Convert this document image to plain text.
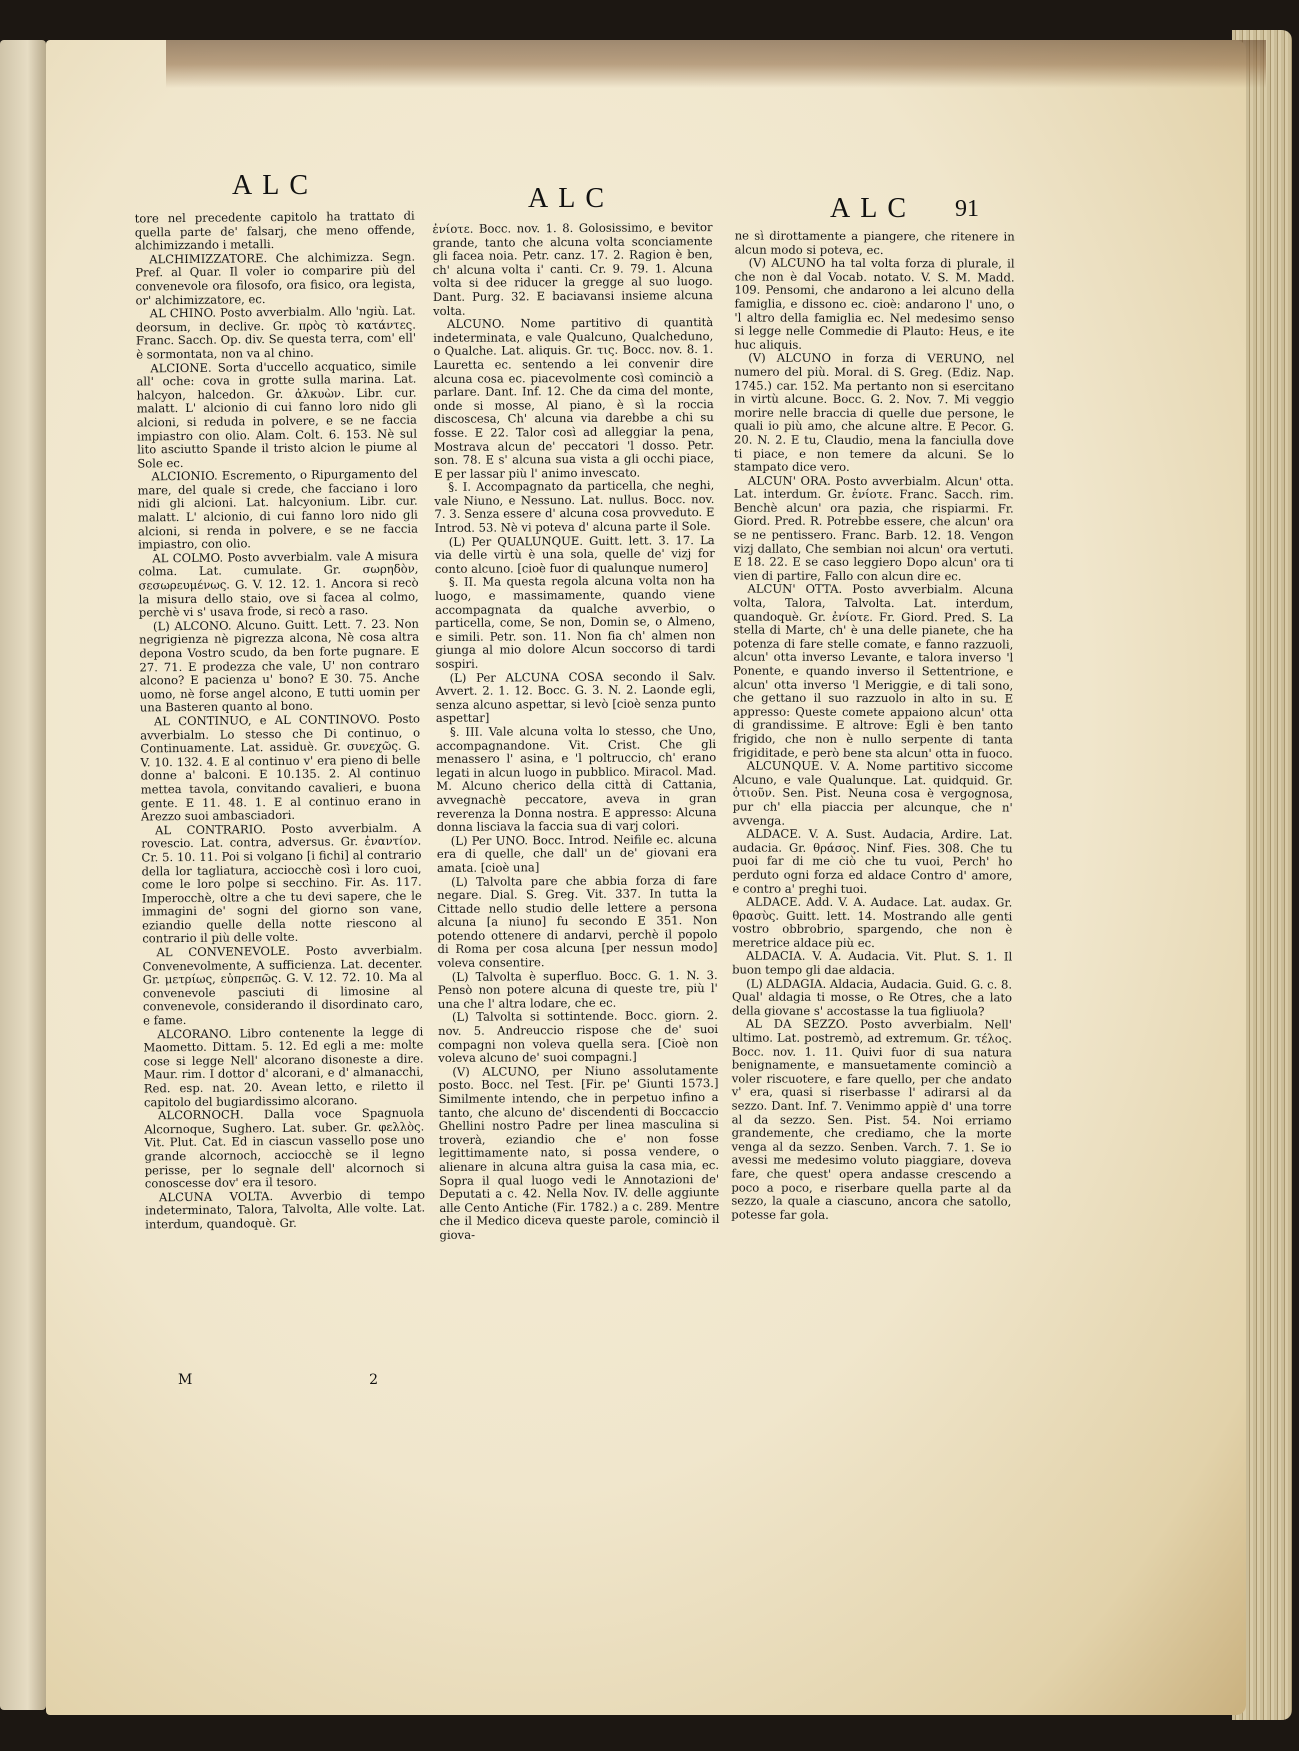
ALC	ALC	ALC 91

tore nel precedente capitolo ha trattato di quella parte de' falsarj, che meno offende, alchimizzando i metalli.

ALCHIMIZZATORE. Che alchimizza. Segn. Pref. al Quar. Il voler io comparire più del convenevole ora filosofo, ora fisico, ora legista, or' alchimizzatore, ec.

AL CHINO. Posto avverbialm. Allo 'ngiù. Lat. deorsum, in declive. Gr. πρὸς τὸ κατάντες. Franc. Sacch. Op. div. Se questa terra, com' ell' è sormontata, non va al chino.

ALCIONE. Sorta d'uccello acquatico, simile all' oche: cova in grotte sulla marina. Lat. halcyon, halcedon. Gr. ἀλκυὼν. Libr. cur. malatt. L' alcionio di cui fanno loro nido gli alcioni, si reduda in polvere, e se ne faccia impiastro con olio. Alam. Colt. 6. 153. Nè sul lito asciutto Spande il tristo alcion le piume al Sole ec.

ALCIONIO. Escremento, o Ripurgamento del mare, del quale si crede, che facciano i loro nidi gli alcioni. Lat. halcyonium. Libr. cur. malatt. L' alcionio, di cui fanno loro nido gli alcioni, si renda in polvere, e se ne faccia impiastro, con olio.

AL COLMO. Posto avverbialm. vale A misura colma. Lat. cumulate. Gr. σωρηδὸν, σεσωρευμένως. G. V. 12. 12. 1. Ancora si recò la misura dello staio, ove si facea al colmo, perchè vi s' usava frode, si recò a raso.

(L) ALCONO. Alcuno. Guitt. Lett. 7. 23. Non negrigienza nè pigrezza alcona, Nè cosa altra depona Vostro scudo, da ben forte pugnare. E 27. 71. E prodezza che vale, U' non contraro alcono? E pacienza u' bono? E 30. 75. Anche uomo, nè forse angel alcono, E tutti uomin per una Basteren quanto al bono.

AL CONTINUO, e AL CONTINOVO. Posto avverbialm. Lo stesso che Di continuo, o Continuamente. Lat. assiduè. Gr. συνεχῶς. G. V. 10. 132. 4. E al continuo v' era pieno di belle donne a' balconi. E 10.135. 2. Al continuo mettea tavola, convitando cavalieri, e buona gente. E 11. 48. 1. E al continuo erano in Arezzo suoi ambasciadori.

AL CONTRARIO. Posto avverbialm. A rovescio. Lat. contra, adversus. Gr. ἐναντίον. Cr. 5. 10. 11. Poi si volgano [i fichi] al contrario della lor tagliatura, acciocchè così i loro cuoi, come le loro polpe si secchino. Fir. As. 117. Imperocchè, oltre a che tu devi sapere, che le immagini de' sogni del giorno son vane, eziandio quelle della notte riescono al contrario il più delle volte.

AL CONVENEVOLE. Posto avverbialm. Convenevolmente, A sufficienza. Lat. decenter. Gr. μετρίως, εὐπρεπῶς. G. V. 12. 72. 10. Ma al convenevole pasciuti di limosine al convenevole, considerando il disordinato caro, e fame.

ALCORANO. Libro contenente la legge di Maometto. Dittam. 5. 12. Ed egli a me: molte cose si legge Nell' alcorano disoneste a dire. Maur. rim. I dottor d' alcorani, e d' almanacchi, Red. esp. nat. 20. Avean letto, e riletto il capitolo del bugiardissimo alcorano.

ALCORNOCH. Dalla voce Spagnuola Alcornoque, Sughero. Lat. suber. Gr. φελλὸς. Vit. Plut. Cat. Ed in ciascun vassello pose uno grande alcornoch, acciocchè se il legno perisse, per lo segnale dell' alcornoch si conoscesse dov' era il tesoro.

ALCUNA VOLTA. Avverbio di tempo indeterminato, Talora, Talvolta, Alle volte. Lat. interdum, quandoquè. Gr.

ἐνίοτε. Bocc. nov. 1. 8. Golosissimo, e bevitor grande, tanto che alcuna volta sconciamente gli facea noia. Petr. canz. 17. 2. Ragion è ben, ch' alcuna volta i' canti. Cr. 9. 79. 1. Alcuna volta si dee riducer la gregge al suo luogo. Dant. Purg. 32. E baciavansi insieme alcuna volta.

ALCUNO. Nome partitivo di quantità indeterminata, e vale Qualcuno, Qualcheduno, o Qualche. Lat. aliquis. Gr. τις. Bocc. nov. 8. 1. Lauretta ec. sentendo a lei convenir dire alcuna cosa ec. piacevolmente così cominciò a parlare. Dant. Inf. 12. Che da cima del monte, onde si mosse, Al piano, è sì la roccia discoscesa, Ch' alcuna via darebbe a chi su fosse. E 22. Talor così ad alleggiar la pena, Mostrava alcun de' peccatori 'l dosso. Petr. son. 78. E s' alcuna sua vista a gli occhi piace, E per lassar più l' animo invescato.

§. I. Accompagnato da particella, che neghi, vale Niuno, e Nessuno. Lat. nullus. Bocc. nov. 7. 3. Senza essere d' alcuna cosa provveduto. E Introd. 53. Nè vi poteva d' alcuna parte il Sole.

(L) Per QUALUNQUE. Guitt. lett. 3. 17. La via delle virtù è una sola, quelle de' vizj for conto alcuno. [cioè fuor di qualunque numero]

§. II. Ma questa regola alcuna volta non ha luogo, e massimamente, quando viene accompagnata da qualche avverbio, o particella, come, Se non, Domin se, o Almeno, e simili. Petr. son. 11. Non fia ch' almen non giunga al mio dolore Alcun soccorso di tardi sospiri.

(L) Per ALCUNA COSA secondo il Salv. Avvert. 2. 1. 12. Bocc. G. 3. N. 2. Laonde egli, senza alcuno aspettar, si levò [cioè senza punto aspettar]

§. III. Vale alcuna volta lo stesso, che Uno, accompagnandone. Vit. Crist. Che gli menassero l' asina, e 'l poltruccio, ch' erano legati in alcun luogo in pubblico. Miracol. Mad. M. Alcuno cherico della città di Cattania, avvegnachè peccatore, aveva in gran reverenza la Donna nostra. E appresso: Alcuna donna lisciava la faccia sua di varj colori.

(L) Per UNO. Bocc. Introd. Neifile ec. alcuna era di quelle, che dall' un de' giovani era amata. [cioè una]

(L) Talvolta pare che abbia forza di fare negare. Dial. S. Greg. Vit. 337. In tutta la Cittade nello studio delle lettere a persona alcuna [a niuno] fu secondo E 351. Non potendo ottenere di andarvi, perchè il popolo di Roma per cosa alcuna [per nessun modo] voleva consentire.

(L) Talvolta è superfluo. Bocc. G. 1. N. 3. Pensò non potere alcuna di queste tre, più l' una che l' altra lodare, che ec.

(L) Talvolta si sottintende. Bocc. giorn. 2. nov. 5. Andreuccio rispose che de' suoi compagni non voleva quella sera. [Cioè non voleva alcuno de' suoi compagni.]

(V) ALCUNO, per Niuno assolutamente posto. Bocc. nel Test. [Fir. pe' Giunti 1573.] Similmente intendo, che in perpetuo infino a tanto, che alcuno de' discendenti di Boccaccio Ghellini nostro Padre per linea masculina si troverà, eziandio che e' non fosse legittimamente nato, si possa vendere, o alienare in alcuna altra guisa la casa mia, ec. Sopra il qual luogo vedi le Annotazioni de' Deputati a c. 42. Nella Nov. IV. delle aggiunte alle Cento Antiche (Fir. 1782.) a c. 289. Mentre che il Medico diceva queste parole, cominciò il giova-

ne sì dirottamente a piangere, che ritenere in alcun modo si poteva, ec.

(V) ALCUNO ha tal volta forza di plurale, il che non è dal Vocab. notato. V. S. M. Madd. 109. Pensomi, che andarono a lei alcuno della famiglia, e dissono ec. cioè: andarono l' uno, o 'l altro della famiglia ec. Nel medesimo senso si legge nelle Commedie di Plauto: Heus, e ite huc aliquis.

(V) ALCUNO in forza di VERUNO, nel numero del più. Moral. di S. Greg. (Ediz. Nap. 1745.) car. 152. Ma pertanto non si esercitano in virtù alcune. Bocc. G. 2. Nov. 7. Mi veggio morire nelle braccia di quelle due persone, le quali io più amo, che alcune altre. E Pecor. G. 20. N. 2. E tu, Claudio, mena la fanciulla dove ti piace, e non temere da alcuni. Se lo stampato dice vero.

ALCUN' ORA. Posto avverbialm. Alcun' otta. Lat. interdum. Gr. ἐνίοτε. Franc. Sacch. rim. Benchè alcun' ora pazia, che rispiarmi. Fr. Giord. Pred. R. Potrebbe essere, che alcun' ora se ne pentissero. Franc. Barb. 12. 18. Vengon vizj dallato, Che sembian noi alcun' ora vertuti. E 18. 22. E se caso leggiero Dopo alcun' ora ti vien di partire, Fallo con alcun dire ec.

ALCUN' OTTA. Posto avverbialm. Alcuna volta, Talora, Talvolta. Lat. interdum, quandoquè. Gr. ἐνίοτε. Fr. Giord. Pred. S. La stella di Marte, ch' è una delle pianete, che ha potenza di fare stelle comate, e fanno razzuoli, alcun' otta inverso Levante, e talora inverso 'l Ponente, e quando inverso il Settentrione, e alcun' otta inverso 'l Meriggie, e di tali sono, che gettano il suo razzuolo in alto in su. E appresso: Queste comete appaiono alcun' otta di grandissime. E altrove: Egli è ben tanto frigido, che non è nullo serpente di tanta frigiditade, e però bene sta alcun' otta in fuoco.

ALCUNQUE. V. A. Nome partitivo siccome Alcuno, e vale Qualunque. Lat. quidquid. Gr. ὁτιοῦν. Sen. Pist. Neuna cosa è vergognosa, pur ch' ella piaccia per alcunque, che n' avvenga.

ALDACE. V. A. Sust. Audacia, Ardire. Lat. audacia. Gr. θράσος. Ninf. Fies. 308. Che tu puoi far di me ciò che tu vuoi, Perch' ho perduto ogni forza ed aldace Contro d' amore, e contro a' preghi tuoi.

ALDACE. Add. V. A. Audace. Lat. audax. Gr. θρασὺς. Guitt. lett. 14. Mostrando alle genti vostro obbrobrio, spargendo, che non è meretrice aldace più ec.

ALDACIA. V. A. Audacia. Vit. Plut. S. 1. Il buon tempo gli dae aldacia.

(L) ALDAGIA. Aldacia, Audacia. Guid. G. c. 8. Qual' aldagia ti mosse, o Re Otres, che a lato della giovane s' accostasse la tua figliuola?

AL DA SEZZO. Posto avverbialm. Nell' ultimo. Lat. postremò, ad extremum. Gr. τέλος. Bocc. nov. 1. 11. Quivi fuor di sua natura benignamente, e mansuetamente cominciò a voler riscuotere, e fare quello, per che andato v' era, quasi si riserbasse l' adirarsi al da sezzo. Dant. Inf. 7. Venimmo appiè d' una torre al da sezzo. Sen. Pist. 54. Noi erriamo grandemente, che crediamo, che la morte venga al da sezzo. Senben. Varch. 7. 1. Se io avessi me medesimo voluto piaggiare, doveva fare, che quest' opera andasse crescendo a poco a poco, e riserbare quella parte al da sezzo, la quale a ciascuno, ancora che satollo, potesse far gola.

M	2
